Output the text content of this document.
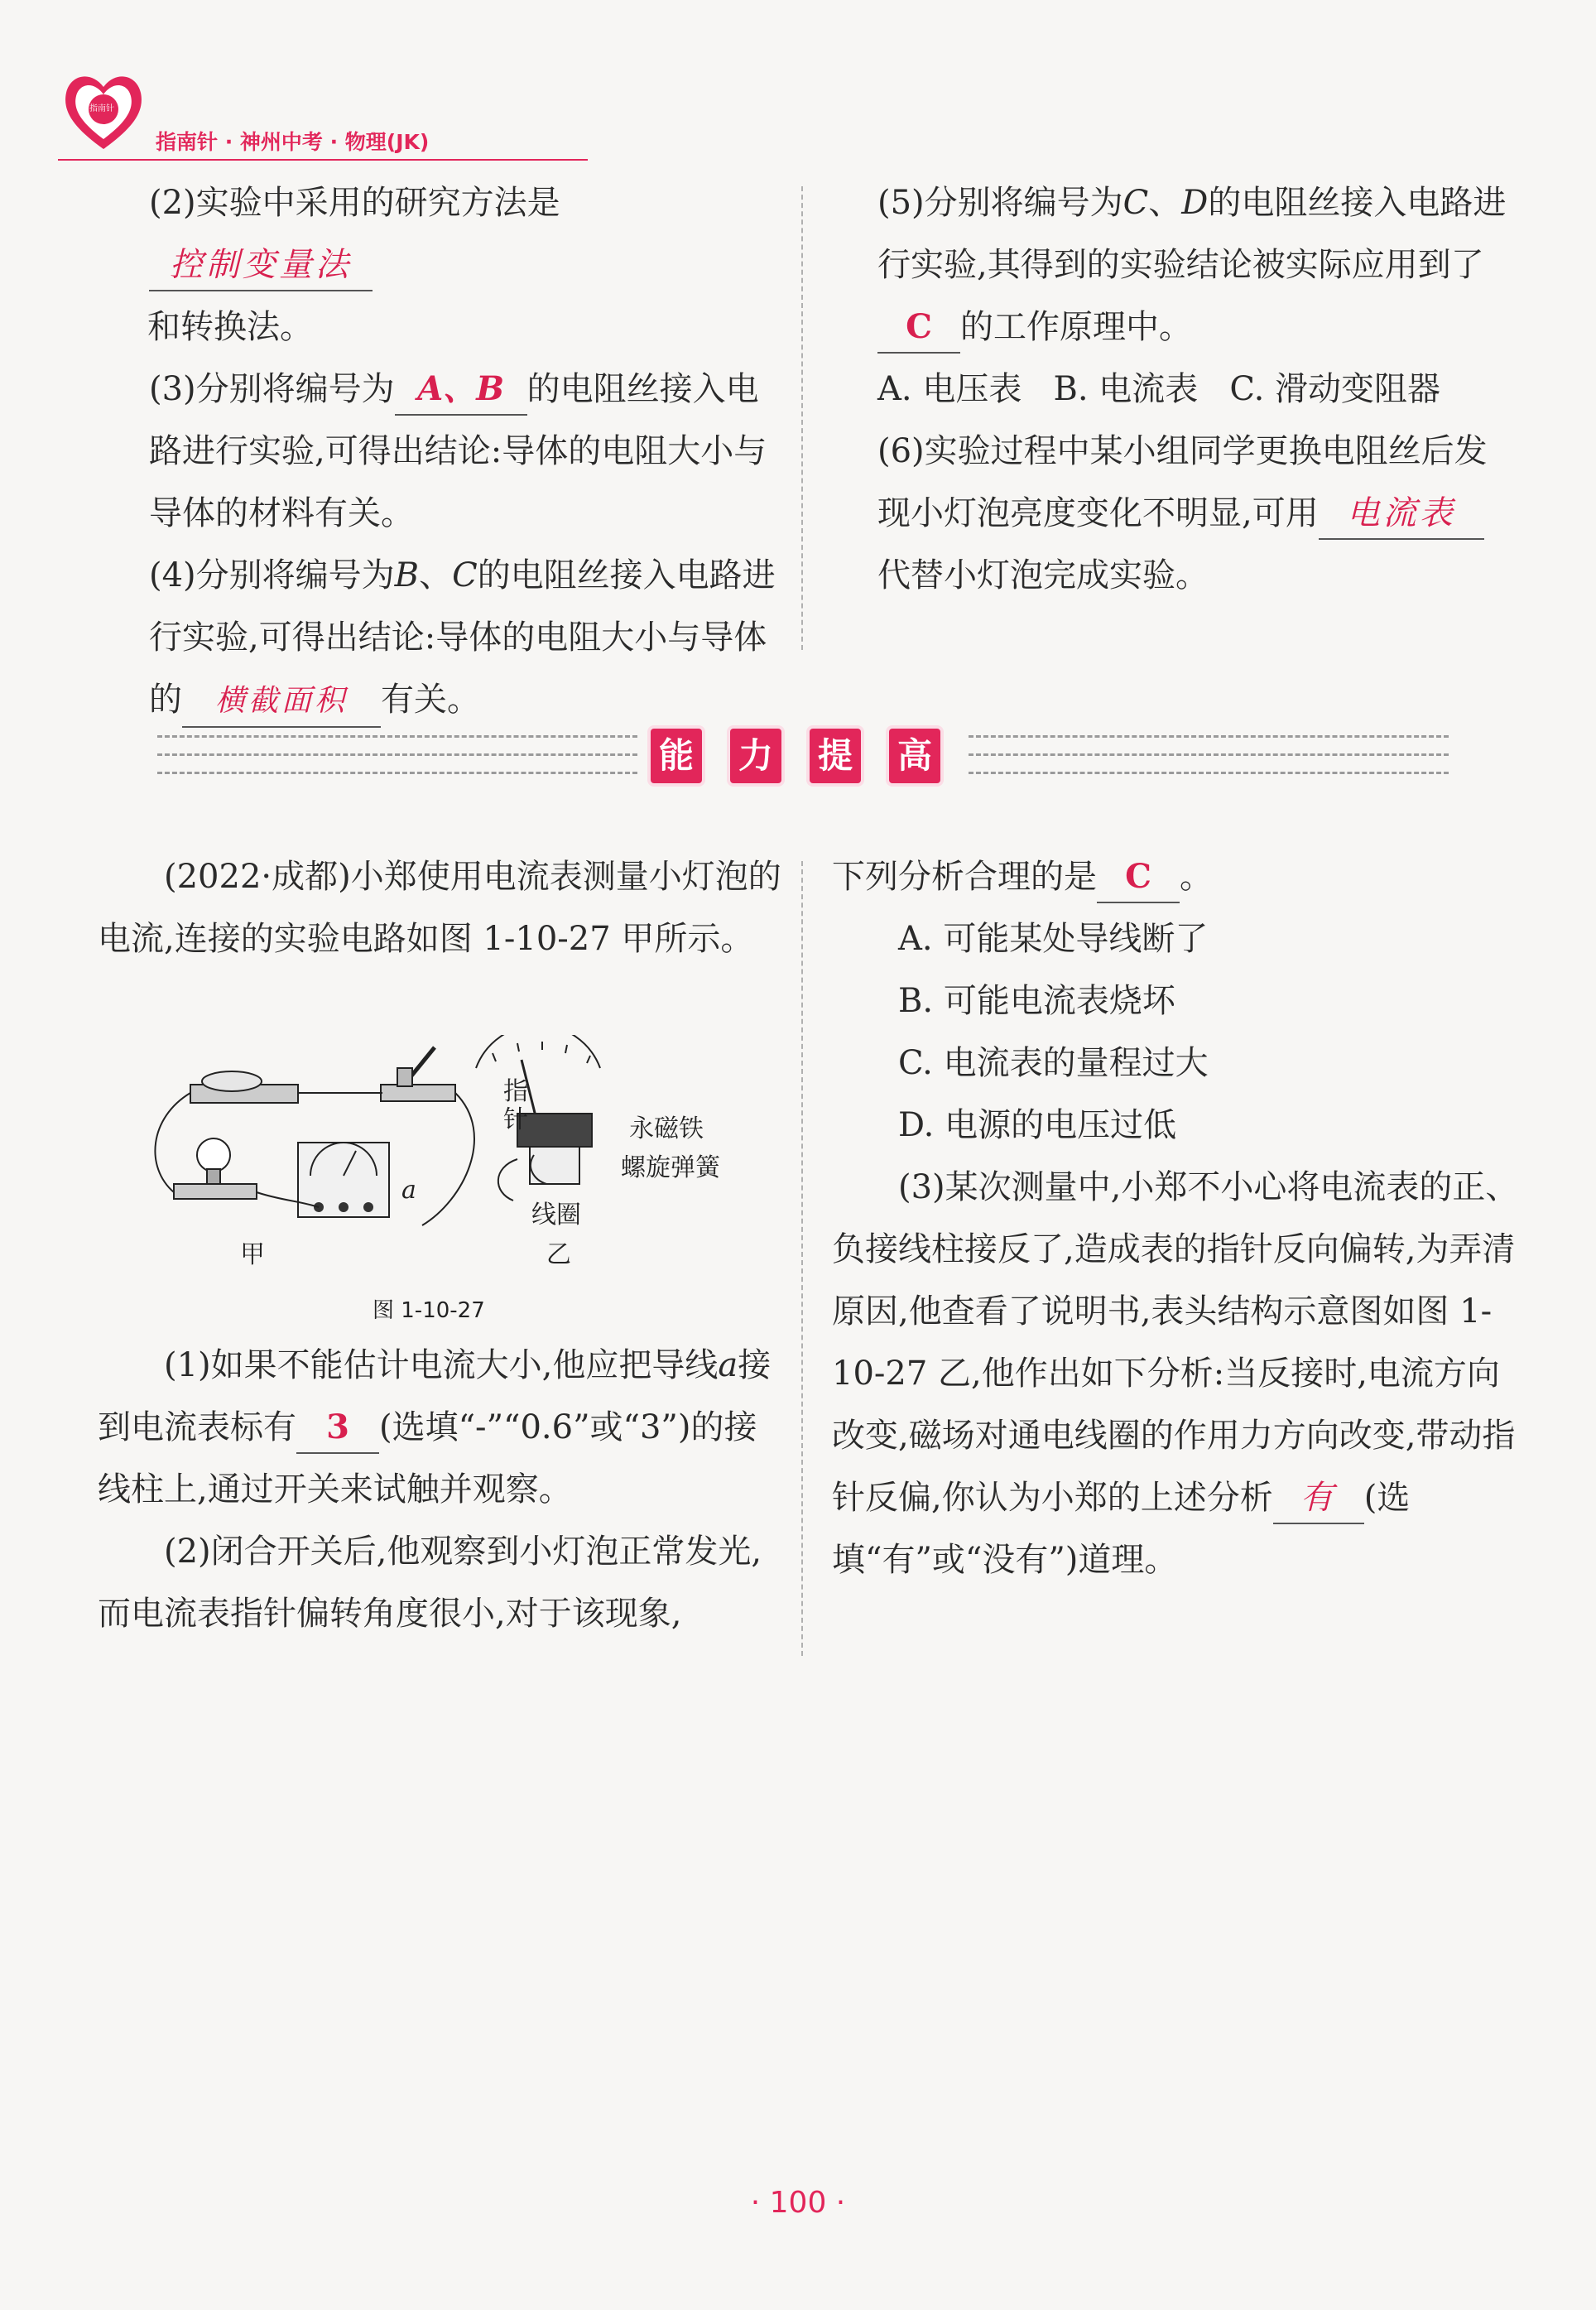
指南针
指南针 · 神州中考 · 物理(JK)
(2)实验中采用的研究方法是控制变量法
和转换法。
(3)分别将编号为 A、B 的电阻丝接入电路进行实验,可得出结论:导体的电阻大小与导体的材料有关。
(4)分别将编号为B、C的电阻丝接入电路进行实验,可得出结论:导体的电阻大小与导体的 横截面积 有关。
(5)分别将编号为C、D的电阻丝接入电路进行实验,其得到的实验结论被实际应用到了
C 的工作原理中。
A. 电压表   B. 电流表   C. 滑动变阻器
(6)实验过程中某小组同学更换电阻丝后发现小灯泡亮度变化不明显,可用 电流表
代替小灯泡完成实验。
能 力 提 高
(2022·成都)小郑使用电流表测量小灯泡的电流,连接的实验电路如图 1-10-27 甲所示。
a
甲
指针	永磁铁
螺旋弹簧
线圈
乙
图 1-10-27
(1)如果不能估计电流大小,他应把导线a接到电流表标有 3 (选填“-”“0.6”或“3”)的接线柱上,通过开关来试触并观察。
(2)闭合开关后,他观察到小灯泡正常发光,而电流表指针偏转角度很小,对于该现象,
下列分析合理的是 C 。
A. 可能某处导线断了
B. 可能电流表烧坏
C. 电流表的量程过大
D. 电源的电压过低
(3)某次测量中,小郑不小心将电流表的正、负接线柱接反了,造成表的指针反向偏转,为弄清原因,他查看了说明书,表头结构示意图如图 1-10-27 乙,他作出如下分析:当反接时,电流方向改变,磁场对通电线圈的作用力方向改变,带动指针反偏,你认为小郑的上述分析 有 (选填“有”或“没有”)道理。
· 100 ·
